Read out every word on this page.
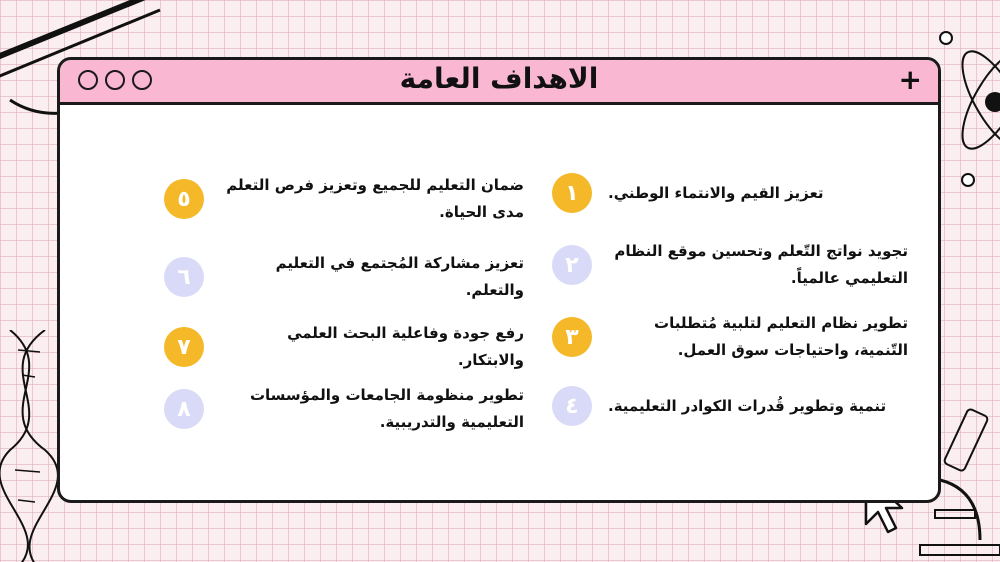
الاهداف العامة	+
١	تعزيز القيم والانتماء الوطني.
٢
تجويد نواتج التّعلم وتحسين موقع النظام التعليمي عالمياً.
٣
تطوير نظام التعليم لتلبية مُتطلبات التّنمية، واحتياجات سوق العمل.
٤	تنمية وتطوير قُدرات الكوادر التعليمية.
٥
ضمان التعليم للجميع وتعزيز فرص التعلم مدى الحياة.
٦
تعزيز مشاركة المُجتمع في التعليم والتعلم.
٧
رفع جودة وفاعلية البحث العلمي والابتكار.
٨
تطوير منظومة الجامعات والمؤسسات التعليمية والتدريبية.
